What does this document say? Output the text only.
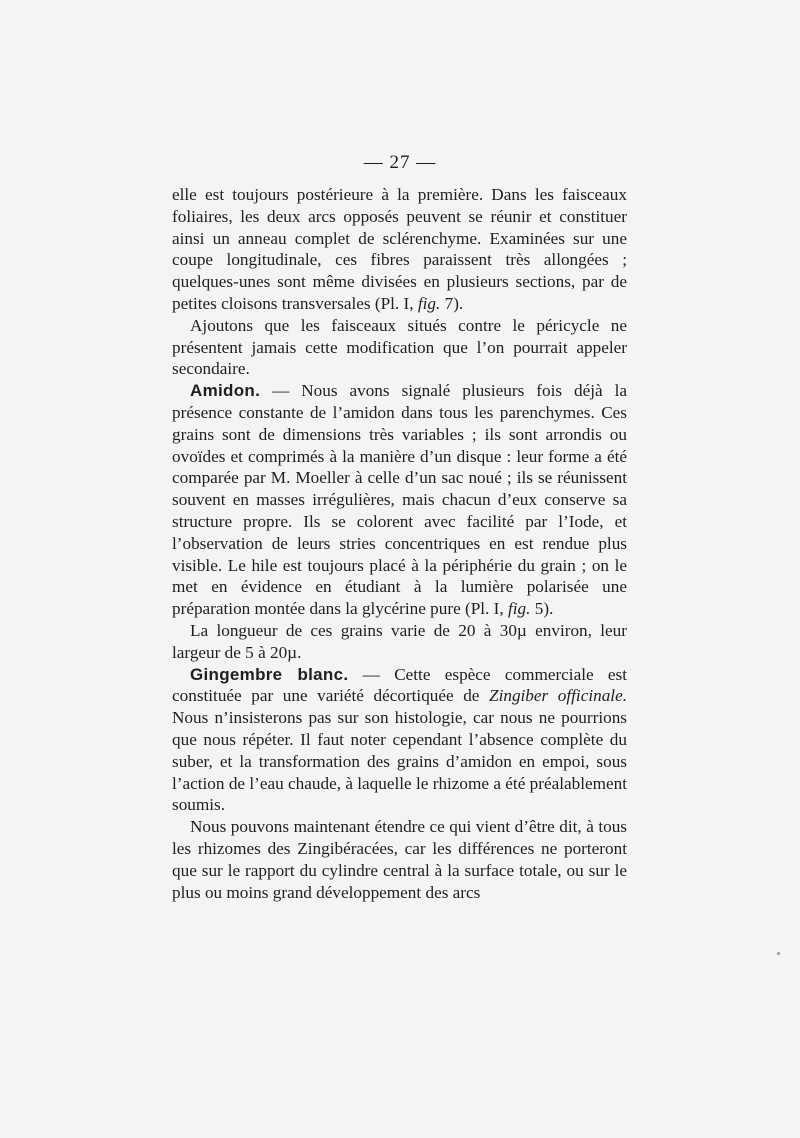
— 27 —

elle est toujours postérieure à la première. Dans les faisceaux foliaires, les deux arcs opposés peuvent se réunir et constituer ainsi un anneau complet de sclérenchyme. Examinées sur une coupe longitudinale, ces fibres paraissent très allongées ; quelques-unes sont même divisées en plusieurs sections, par de petites cloisons transversales (Pl. I, fig. 7).

Ajoutons que les faisceaux situés contre le péricycle ne présentent jamais cette modification que l’on pourrait appeler secondaire.

Amidon. — Nous avons signalé plusieurs fois déjà la présence constante de l’amidon dans tous les parenchymes. Ces grains sont de dimensions très variables ; ils sont arrondis ou ovoïdes et comprimés à la manière d’un disque : leur forme a été comparée par M. Moeller à celle d’un sac noué ; ils se réunissent souvent en masses irrégulières, mais chacun d’eux conserve sa structure propre. Ils se colorent avec facilité par l’Iode, et l’observation de leurs stries concentriques en est rendue plus visible. Le hile est toujours placé à la périphérie du grain ; on le met en évidence en étudiant à la lumière polarisée une préparation montée dans la glycérine pure (Pl. I, fig. 5).

La longueur de ces grains varie de 20 à 30µ environ, leur largeur de 5 à 20µ.

Gingembre blanc. — Cette espèce commerciale est constituée par une variété décortiquée de Zingiber officinale. Nous n’insisterons pas sur son histologie, car nous ne pourrions que nous répéter. Il faut noter cependant l’absence complète du suber, et la transformation des grains d’amidon en empoi, sous l’action de l’eau chaude, à laquelle le rhizome a été préalablement soumis.

Nous pouvons maintenant étendre ce qui vient d’être dit, à tous les rhizomes des Zingibéracées, car les différences ne porteront que sur le rapport du cylindre central à la surface totale, ou sur le plus ou moins grand développement des arcs
